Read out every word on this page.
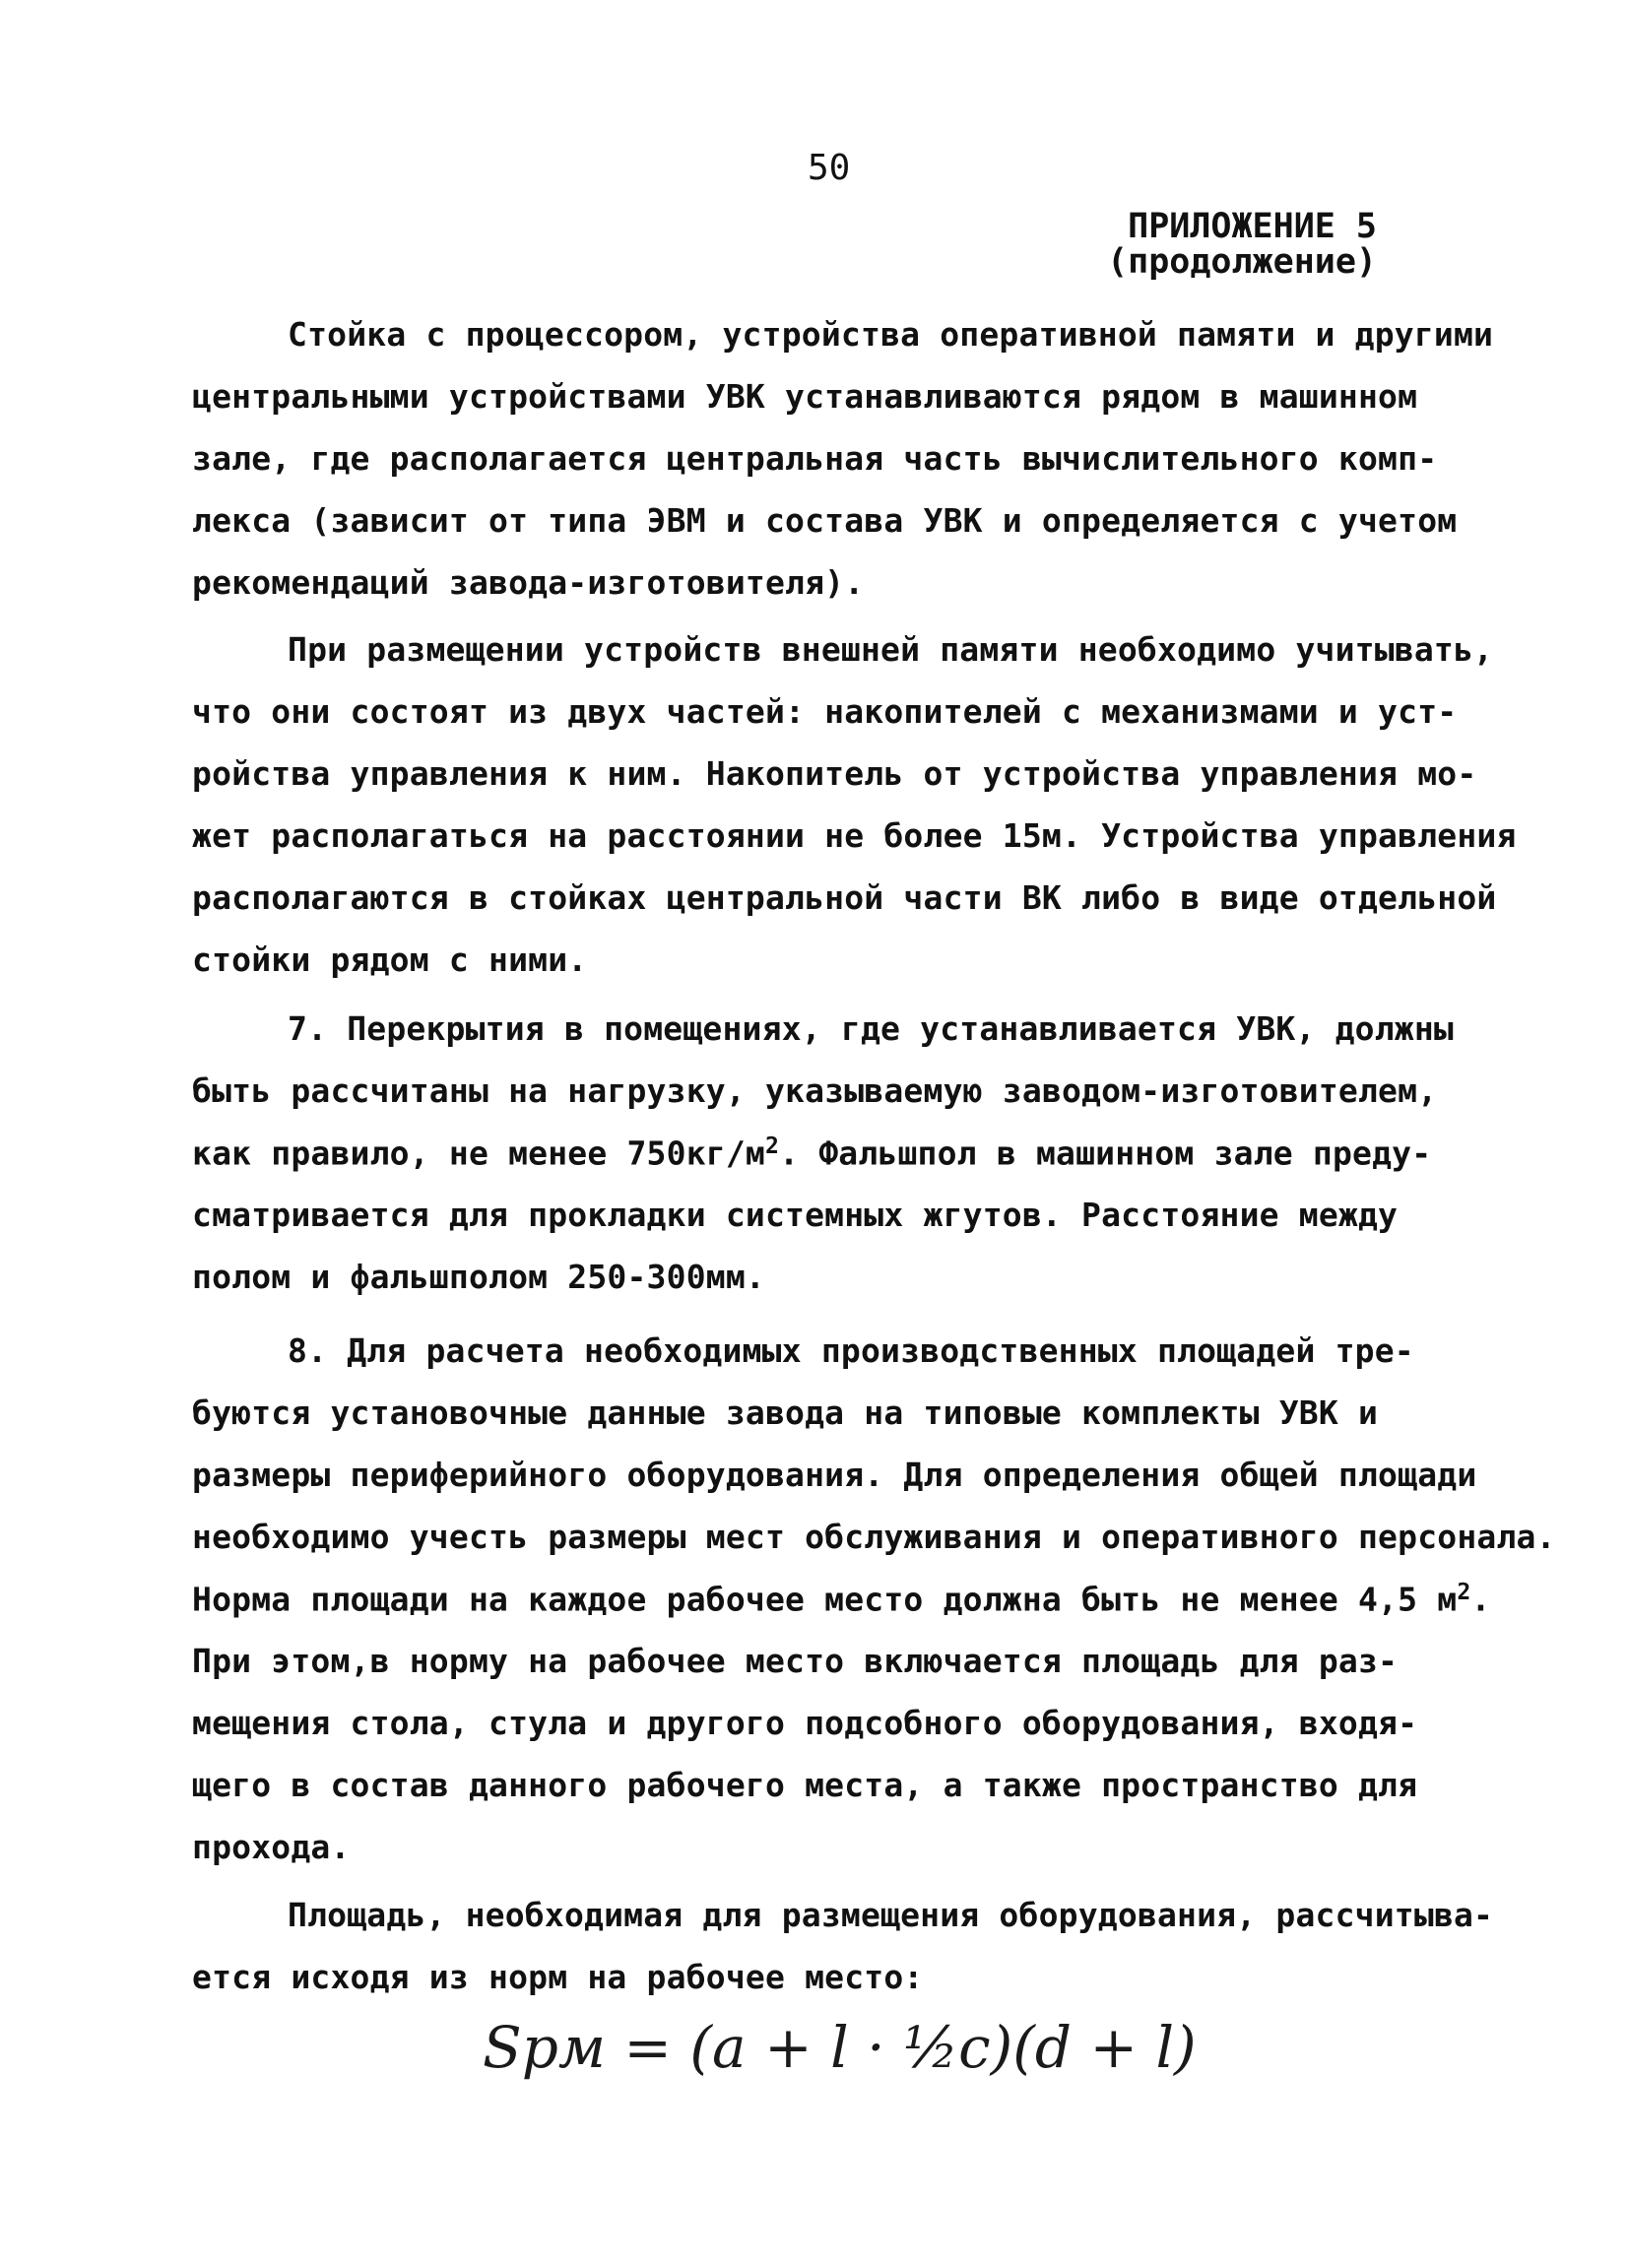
50
ПРИЛОЖЕНИЕ 5
(продолжение)
Стойка с процессором, устройства оперативной памяти и другими
центральными устройствами УВК устанавливаются рядом в машинном
зале, где располагается центральная часть вычислительного комп-
лекса (зависит от типа ЭВМ и состава УВК и определяется с учетом
рекомендаций завода-изготовителя).
При размещении устройств внешней памяти необходимо учитывать,
что они состоят из двух частей: накопителей с механизмами и уст-
ройства управления к ним. Накопитель от устройства управления мо-
жет располагаться на расстоянии не более 15м. Устройства управления
располагаются в стойках центральной части ВК либо в виде отдельной
стойки рядом с ними.
7. Перекрытия в помещениях, где устанавливается УВК, должны
быть рассчитаны на нагрузку, указываемую заводом-изготовителем,
как правило, не менее $750кг/м^2$. Фальшпол в машинном зале преду-
сматривается для прокладки системных жгутов. Расстояние между
полом и фальшполом 250-300мм.
8. Для расчета необходимых производственных площадей тре-
буются установочные данные завода на типовые комплекты УВК и
размеры периферийного оборудования. Для определения общей площади
необходимо учесть размеры мест обслуживания и оперативного персонала.
Норма площади на каждое рабочее место должна быть не менее 4,5 $м^2$.
При этом,в норму на рабочее место включается площадь для раз-
мещения стола, стула и другого подсобного оборудования, входя-
щего в состав данного рабочего места, а также пространство для
прохода.
Площадь, необходимая для размещения оборудования, рассчитыва-
ется исходя из норм на рабочее место:
Sрм = (a + l · ½c)(d + l)
